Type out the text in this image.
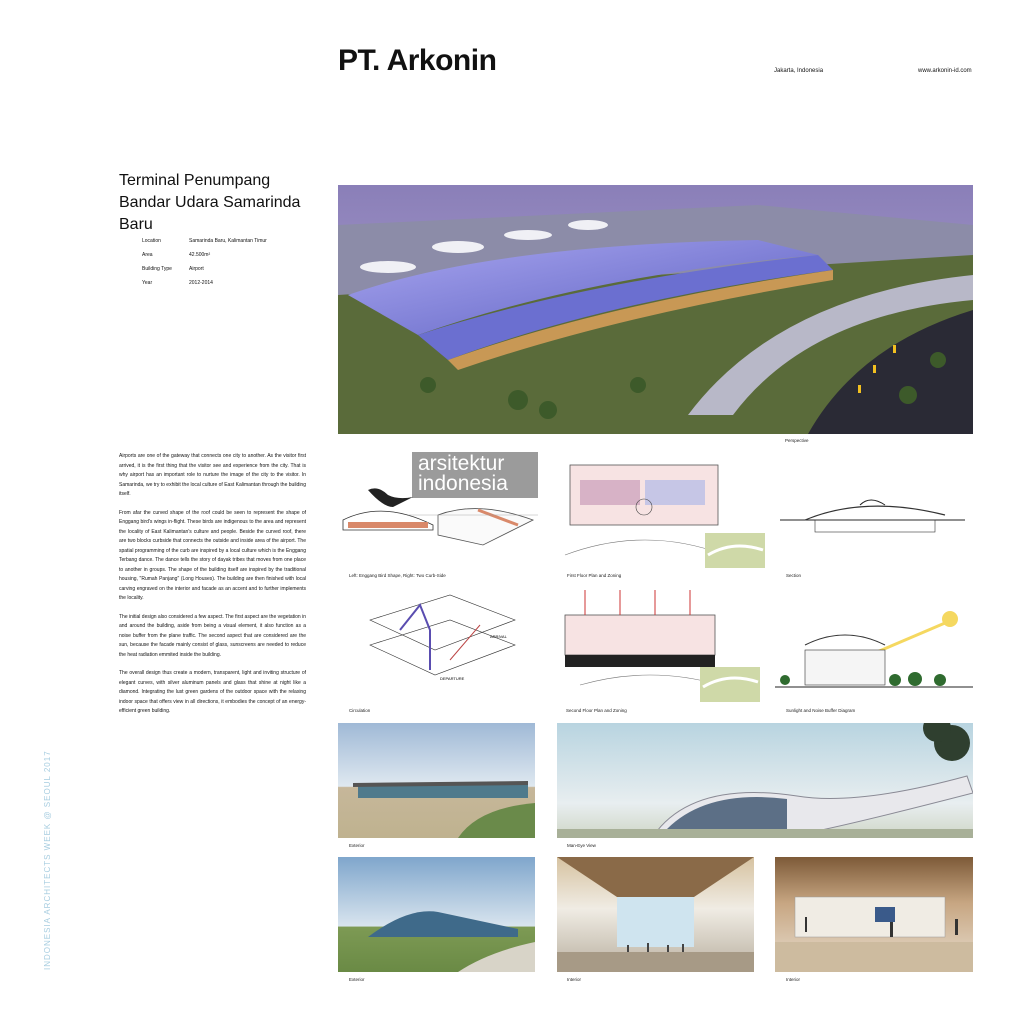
PT. Arkonin	Jakarta, Indonesia	www.arkonin-id.com
Terminal Penumpang Bandar Udara Samarinda Baru
Location	Samarinda Baru, Kalimantan Timur
Area	42.500m²
Building Type	Airport
Year	2012-2014

Airports are one of the gateway that connects one city to another. As the visitor first arrived, it is the first thing that the visitor see and experience from the city. That is why airport has an important role to nurture the image of the city to the visitor. In Samarinda, we try to exhibit the local culture of East Kalimantan through the building itself.

From afar the curved shape of the roof could be seen to represent the shape of Enggang bird's wings in-flight. These birds are indigenous to the area and represent the locality of East Kalimantan's culture and people. Beside the curved roof, there are two blocks curbside that connects the outside and inside area of the airport. The spatial programming of the curb are inspired by a local culture which is the Enggang Terbang dance. The dance tells the story of dayak tribes that moves from one place to another in groups. The shape of the building itself are inspired by the traditional housing, "Rumah Panjang" (Long Houses). The building are then finished with local carving engraved on the interior and facade as an accent and to further implements the locality.

The initial design also considered a few aspect. The first aspect are the vegetation in and around the building, aside from being a visual element, it also function as a noise buffer from the plane traffic. The second aspect that are considered are the sun, because the facade mainly consist of glass, sunscreens are needed to reduce the heat radiation emmited inside the building.

The overall design thus create a modern, transparent, light and inviting structure of elegant curves, with silver aluminum panels and glass that shine at night like a diamond. Integrating the lust green gardens of the outdoor space with the relaxing indoor space that offers view in all directions, it embodies the concept of an energy-efficient green building.

INDONESIA ARCHITECTS WEEK @ SEOUL 2017
Perspective
arsitektur
indonesia
Left: Enggang Bird Shape, Right: Two Curb-Side	First Floor Plan and Zoning	Section
ARRIVAL
DEPARTURE
Circulation	Second Floor Plan and Zoning	Sunlight and Noise Buffer Diagram
Exterior	Man-Eye View
Exterior	Interior	Interior
